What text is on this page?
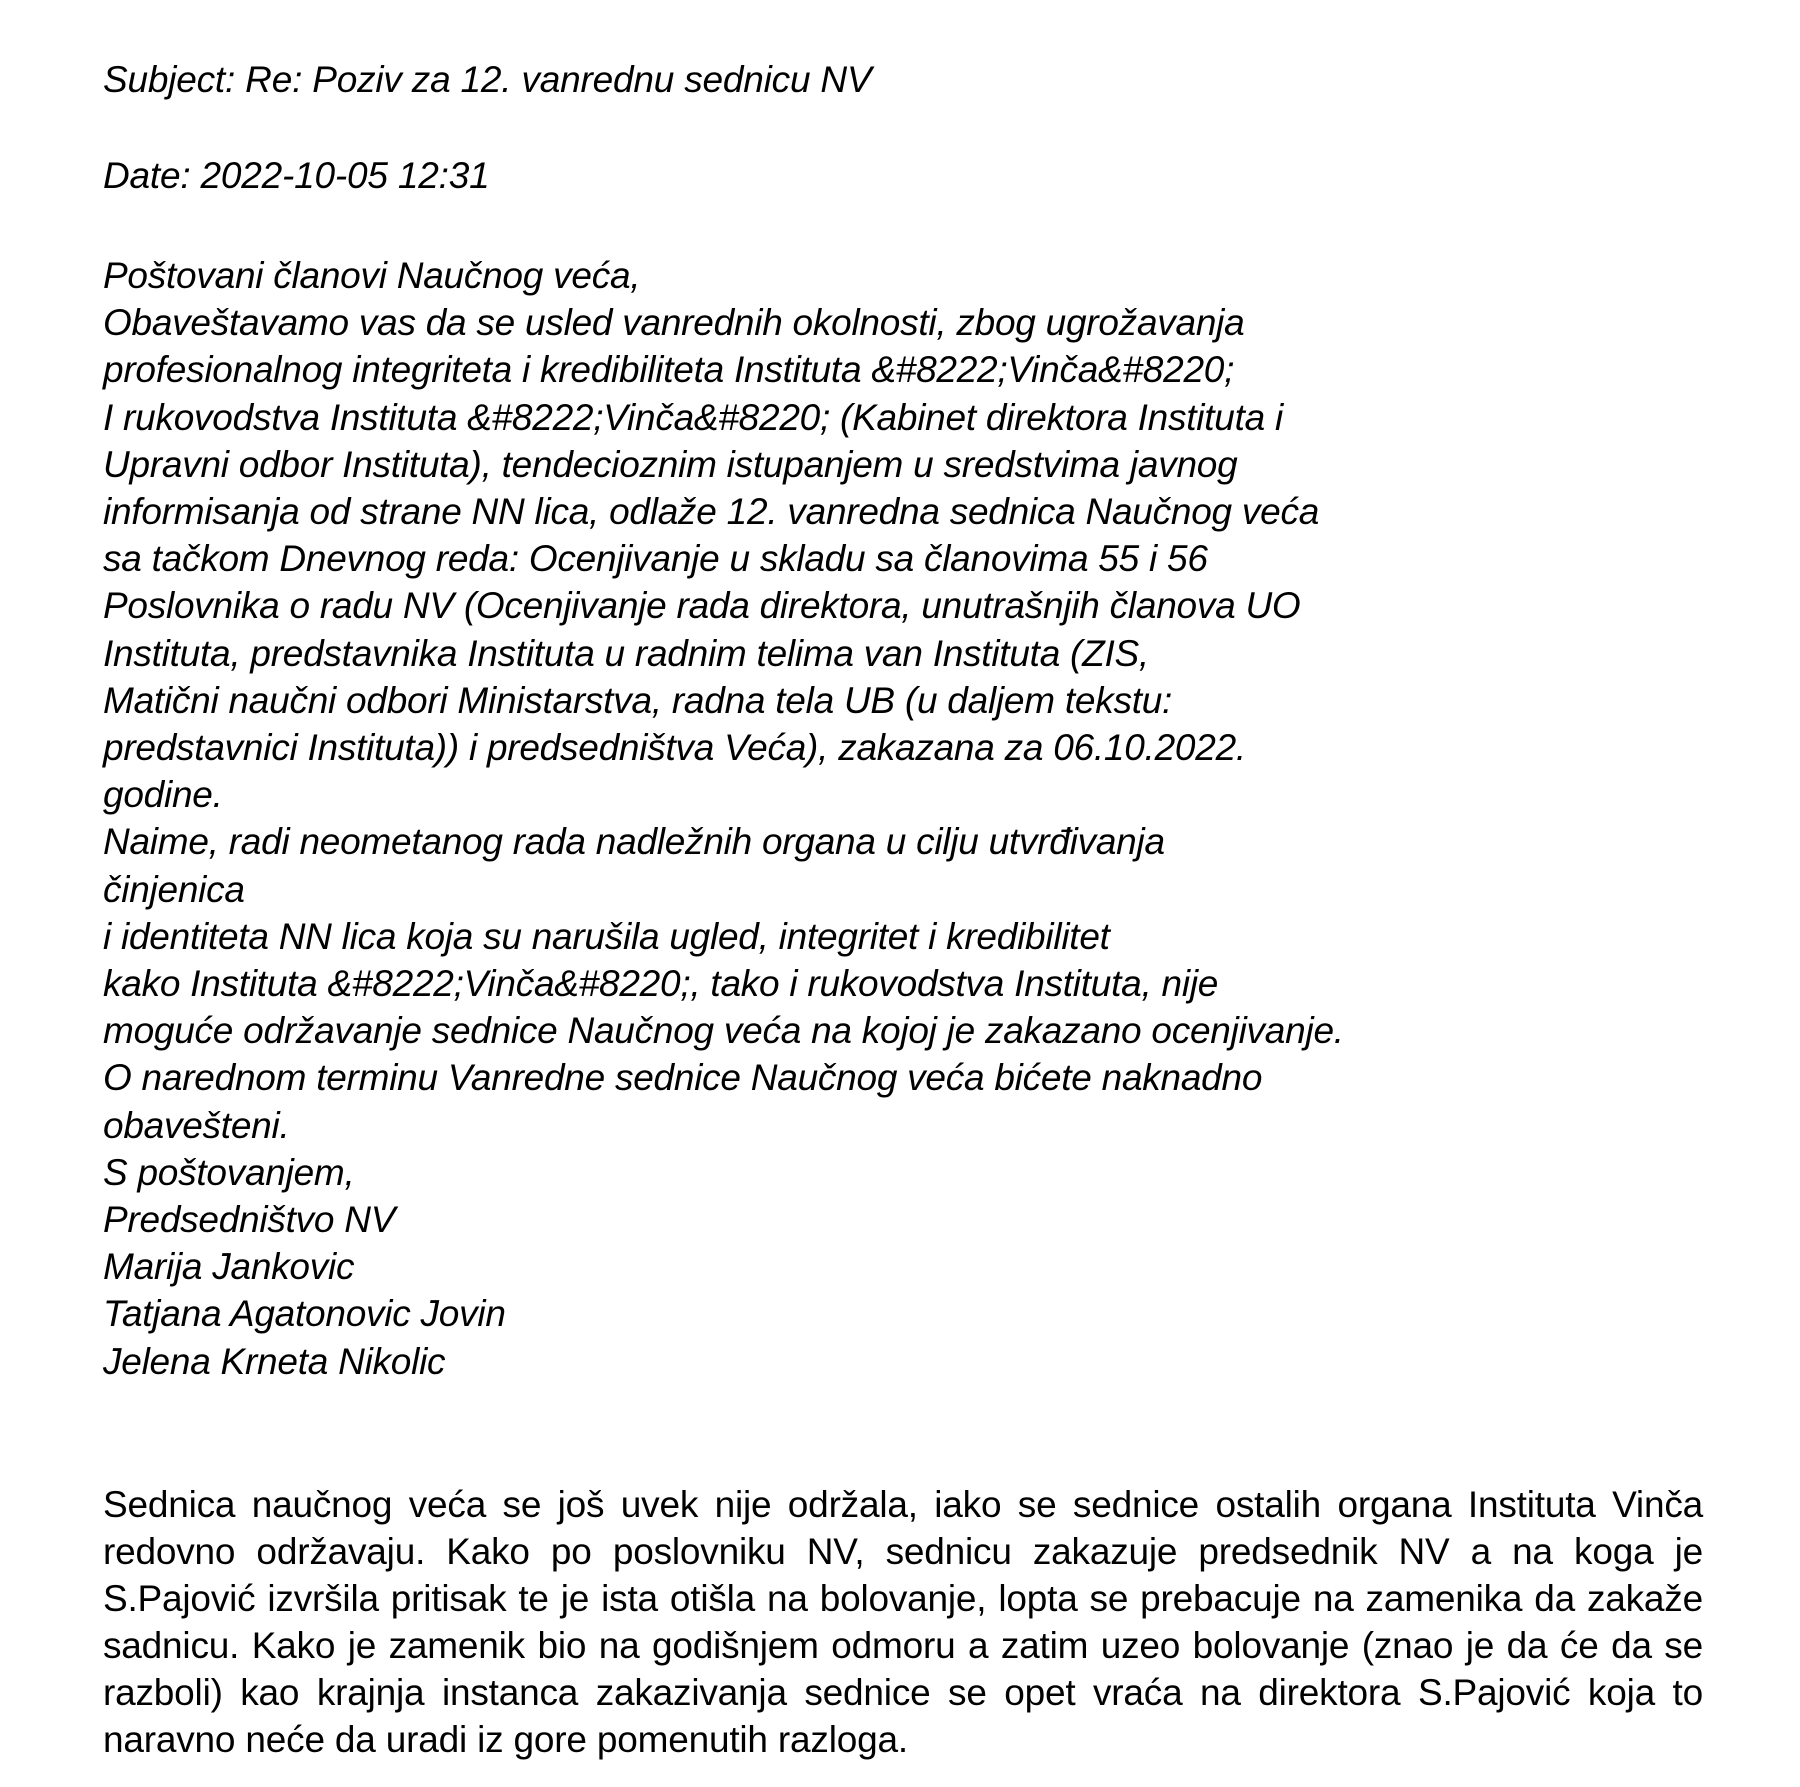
Subject: Re: Poziv za 12. vanrednu sednicu NV
Date: 2022-10-05 12:31
Poštovani članovi Naučnog veća,
Obaveštavamo vas da se usled vanrednih okolnosti, zbog ugrožavanja
profesionalnog integriteta i kredibiliteta Instituta &#8222;Vinča&#8220;
I rukovodstva Instituta &#8222;Vinča&#8220; (Kabinet direktora Instituta i
Upravni odbor Instituta), tendecioznim istupanjem u sredstvima javnog
informisanja od strane NN lica, odlaže 12. vanredna sednica Naučnog veća
sa tačkom Dnevnog reda: Ocenjivanje u skladu sa članovima 55 i 56
Poslovnika o radu NV (Ocenjivanje rada direktora, unutrašnjih članova UO
Instituta, predstavnika Instituta u radnim telima van Instituta (ZIS,
Matični naučni odbori Ministarstva, radna tela UB (u daljem tekstu:
predstavnici Instituta)) i predsedništva Veća), zakazana za 06.10.2022.
godine.
Naime, radi neometanog rada nadležnih organa u cilju utvrđivanja
činjenica
i identiteta NN lica koja su narušila ugled, integritet i kredibilitet
kako Instituta &#8222;Vinča&#8220;, tako i rukovodstva Instituta, nije
moguće održavanje sednice Naučnog veća na kojoj je zakazano ocenjivanje.
O narednom terminu Vanredne sednice Naučnog veća bićete naknadno
obavešteni.
S poštovanjem,
Predsedništvo NV
Marija Jankovic
Tatjana Agatonovic Jovin
Jelena Krneta Nikolic
Sednica naučnog veća se još uvek nije održala, iako se sednice ostalih organa Instituta Vinča redovno održavaju. Kako po poslovniku NV, sednicu zakazuje predsednik NV a na koga je S.Pajović izvršila pritisak te je ista otišla na bolovanje, lopta se prebacuje na zamenika da zakaže sadnicu. Kako je zamenik bio na godišnjem odmoru a zatim uzeo bolovanje (znao je da će da se razboli) kao krajnja instanca zakazivanja sednice se opet vraća na direktora S.Pajović koja to naravno neće da uradi iz gore pomenutih razloga.
